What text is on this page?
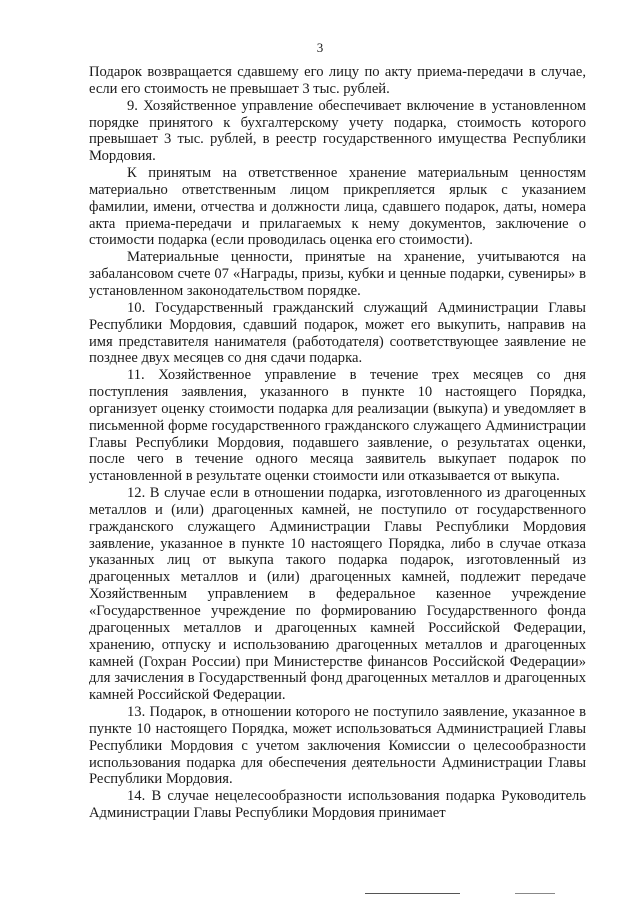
3

Подарок возвращается сдавшему его лицу по акту приема-передачи в случае, если его стоимость не превышает 3 тыс. рублей.

9. Хозяйственное управление обеспечивает включение в установленном порядке принятого к бухгалтерскому учету подарка, стоимость которого превышает 3 тыс. рублей, в реестр государственного имущества Республики Мордовия.

К принятым на ответственное хранение материальным ценностям материально ответственным лицом прикрепляется ярлык с указанием фамилии, имени, отчества и должности лица, сдавшего подарок, даты, номера акта приема-передачи и прилагаемых к нему документов, заключение о стоимости подарка (если проводилась оценка его стоимости).

Материальные ценности, принятые на хранение, учитываются на забалансовом счете 07 «Награды, призы, кубки и ценные подарки, сувениры» в установленном законодательством порядке.

10. Государственный гражданский служащий Администрации Главы Республики Мордовия, сдавший подарок, может его выкупить, направив на имя представителя нанимателя (работодателя) соответствующее заявление не позднее двух месяцев со дня сдачи подарка.

11. Хозяйственное управление в течение трех месяцев со дня поступления заявления, указанного в пункте 10 настоящего Порядка, организует оценку стоимости подарка для реализации (выкупа) и уведомляет в письменной форме государственного гражданского служащего Администрации Главы Республики Мордовия, подавшего заявление, о результатах оценки, после чего в течение одного месяца заявитель выкупает подарок по установленной в результате оценки стоимости или отказывается от выкупа.

12. В случае если в отношении подарка, изготовленного из драгоценных металлов и (или) драгоценных камней, не поступило от государственного гражданского служащего Администрации Главы Республики Мордовия заявление, указанное в пункте 10 настоящего Порядка, либо в случае отказа указанных лиц от выкупа такого подарка подарок, изготовленный из драгоценных металлов и (или) драгоценных камней, подлежит передаче Хозяйственным управлением в федеральное казенное учреждение «Государственное учреждение по формированию Государственного фонда драгоценных металлов и драгоценных камней Российской Федерации, хранению, отпуску и использованию драгоценных металлов и драгоценных камней (Гохран России) при Министерстве финансов Российской Федерации» для зачисления в Государственный фонд драгоценных металлов и драгоценных камней Российской Федерации.

13. Подарок, в отношении которого не поступило заявление, указанное в пункте 10 настоящего Порядка, может использоваться Администрацией Главы Республики Мордовия с учетом заключения Комиссии о целесообразности использования подарка для обеспечения деятельности Администрации Главы Республики Мордовия.

14. В случае нецелесообразности использования подарка Руководитель Администрации Главы Республики Мордовия принимает
